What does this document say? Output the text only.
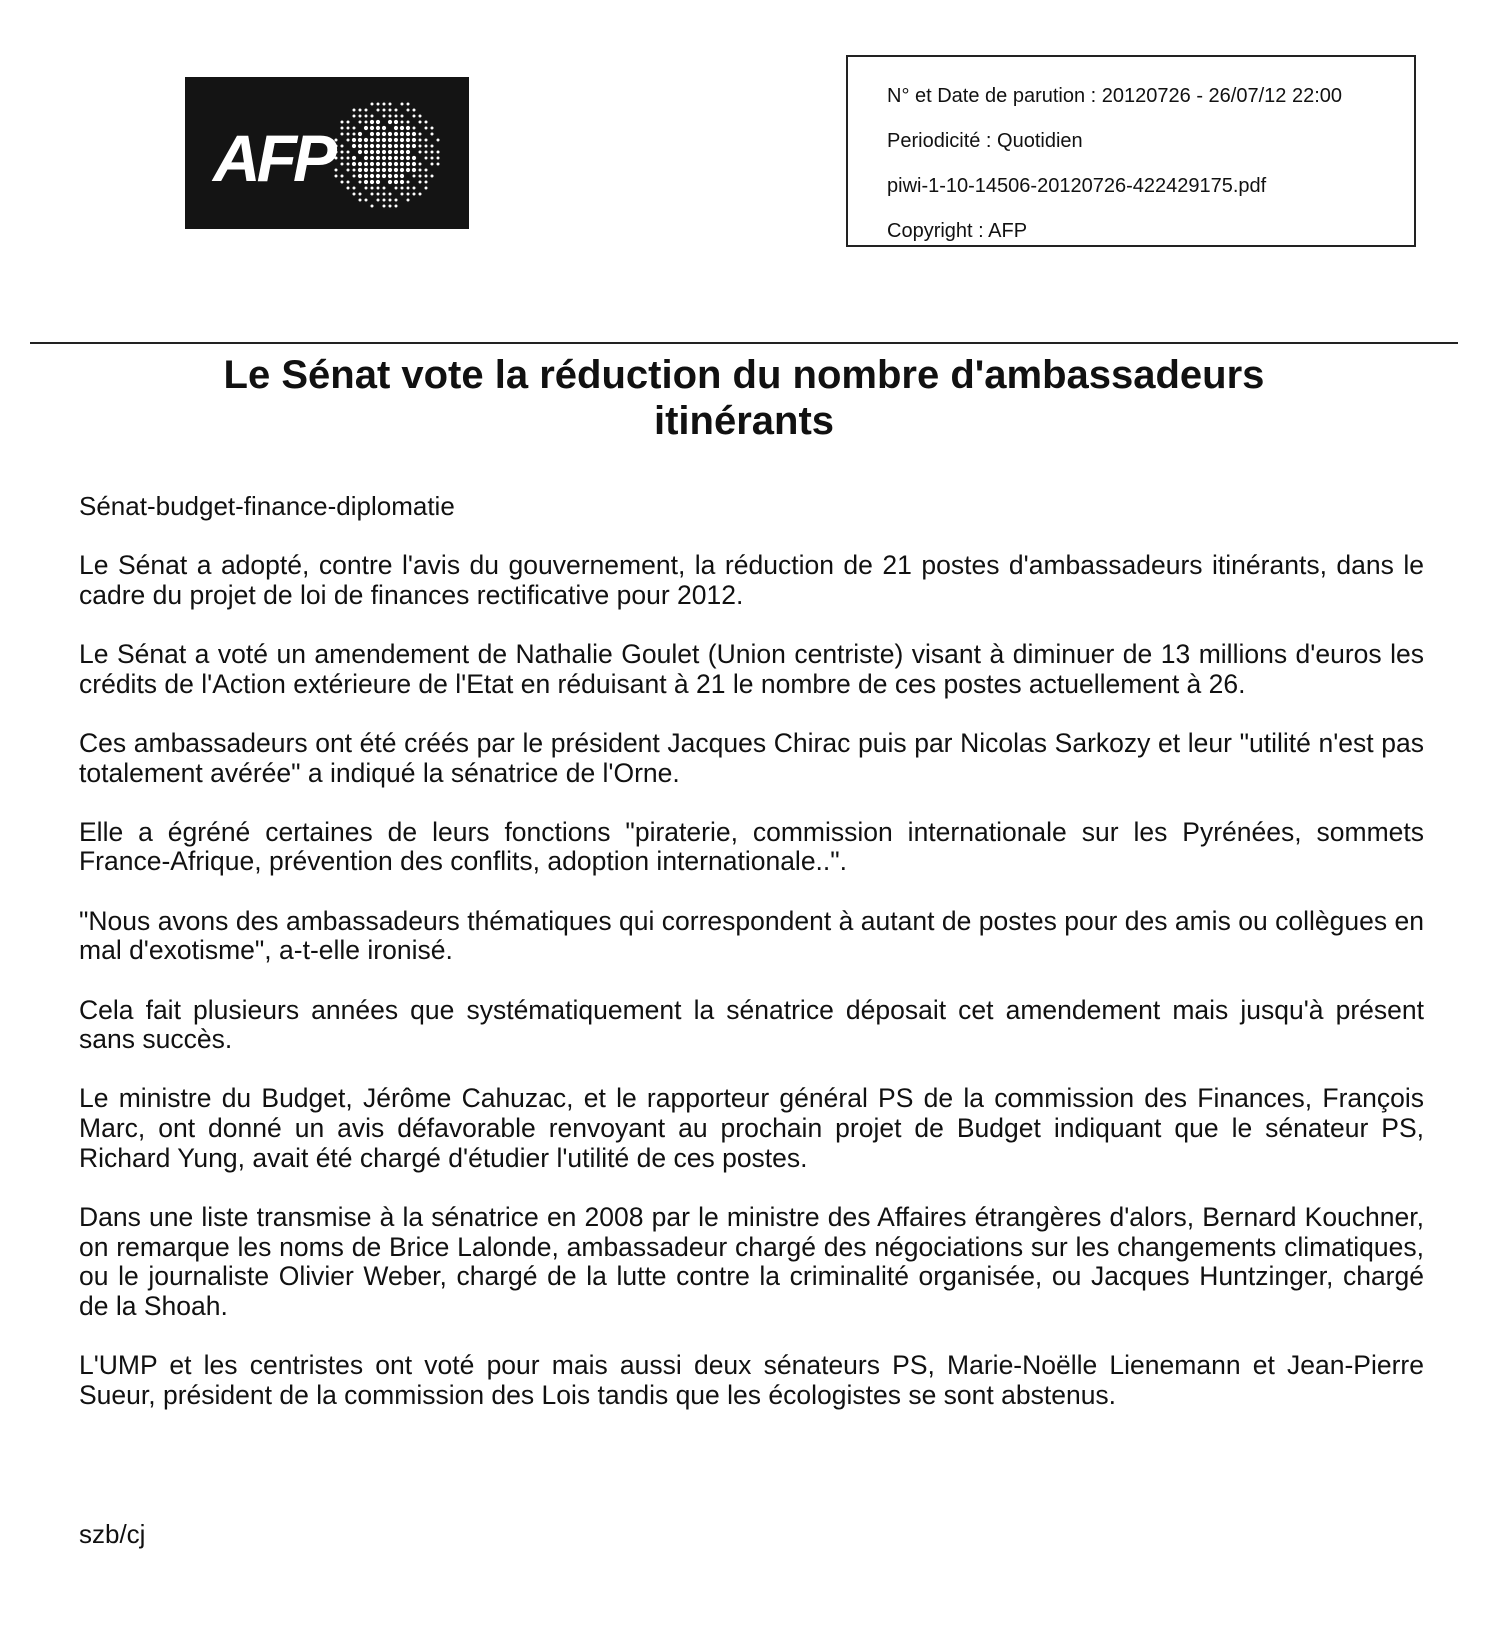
AFP
N° et Date de parution : 20120726 - 26/07/12 22:00
Periodicité : Quotidien
piwi-1-10-14506-20120726-422429175.pdf
Copyright : AFP
Le Sénat vote la réduction du nombre d'ambassadeurs
itinérants
Sénat-budget-finance-diplomatie

Le Sénat a adopté, contre l'avis du gouvernement, la réduction de 21 postes d'ambassadeurs itinérants, dans le cadre du projet de loi de finances rectificative pour 2012.

Le Sénat a voté un amendement de Nathalie Goulet (Union centriste) visant à diminuer de 13 millions d'euros les crédits de l'Action extérieure de l'Etat en réduisant à 21 le nombre de ces postes actuellement à 26.

Ces ambassadeurs ont été créés par le président Jacques Chirac puis par Nicolas Sarkozy et leur "utilité n'est pas totalement avérée" a indiqué la sénatrice de l'Orne.

Elle a égréné certaines de leurs fonctions "piraterie, commission internationale sur les Pyrénées, sommets France-Afrique, prévention des conflits, adoption internationale..".

"Nous avons des ambassadeurs thématiques qui correspondent à autant de postes pour des amis ou collègues en mal d'exotisme", a-t-elle ironisé.

Cela fait plusieurs années que systématiquement la sénatrice déposait cet amendement mais jusqu'à présent sans succès.

Le ministre du Budget, Jérôme Cahuzac, et le rapporteur général PS de la commission des Finances, François Marc, ont donné un avis défavorable renvoyant au prochain projet de Budget indiquant que le sénateur PS, Richard Yung, avait été chargé d'étudier l'utilité de ces postes.

Dans une liste transmise à la sénatrice en 2008 par le ministre des Affaires étrangères d'alors, Bernard Kouchner, on remarque les noms de Brice Lalonde, ambassadeur chargé des négociations sur les changements climatiques, ou le journaliste Olivier Weber, chargé de la lutte contre la criminalité organisée, ou Jacques Huntzinger, chargé de la Shoah.

L'UMP et les centristes ont voté pour mais aussi deux sénateurs PS, Marie-Noëlle Lienemann et Jean-Pierre Sueur, président de la commission des Lois tandis que les écologistes se sont abstenus.

szb/cj
